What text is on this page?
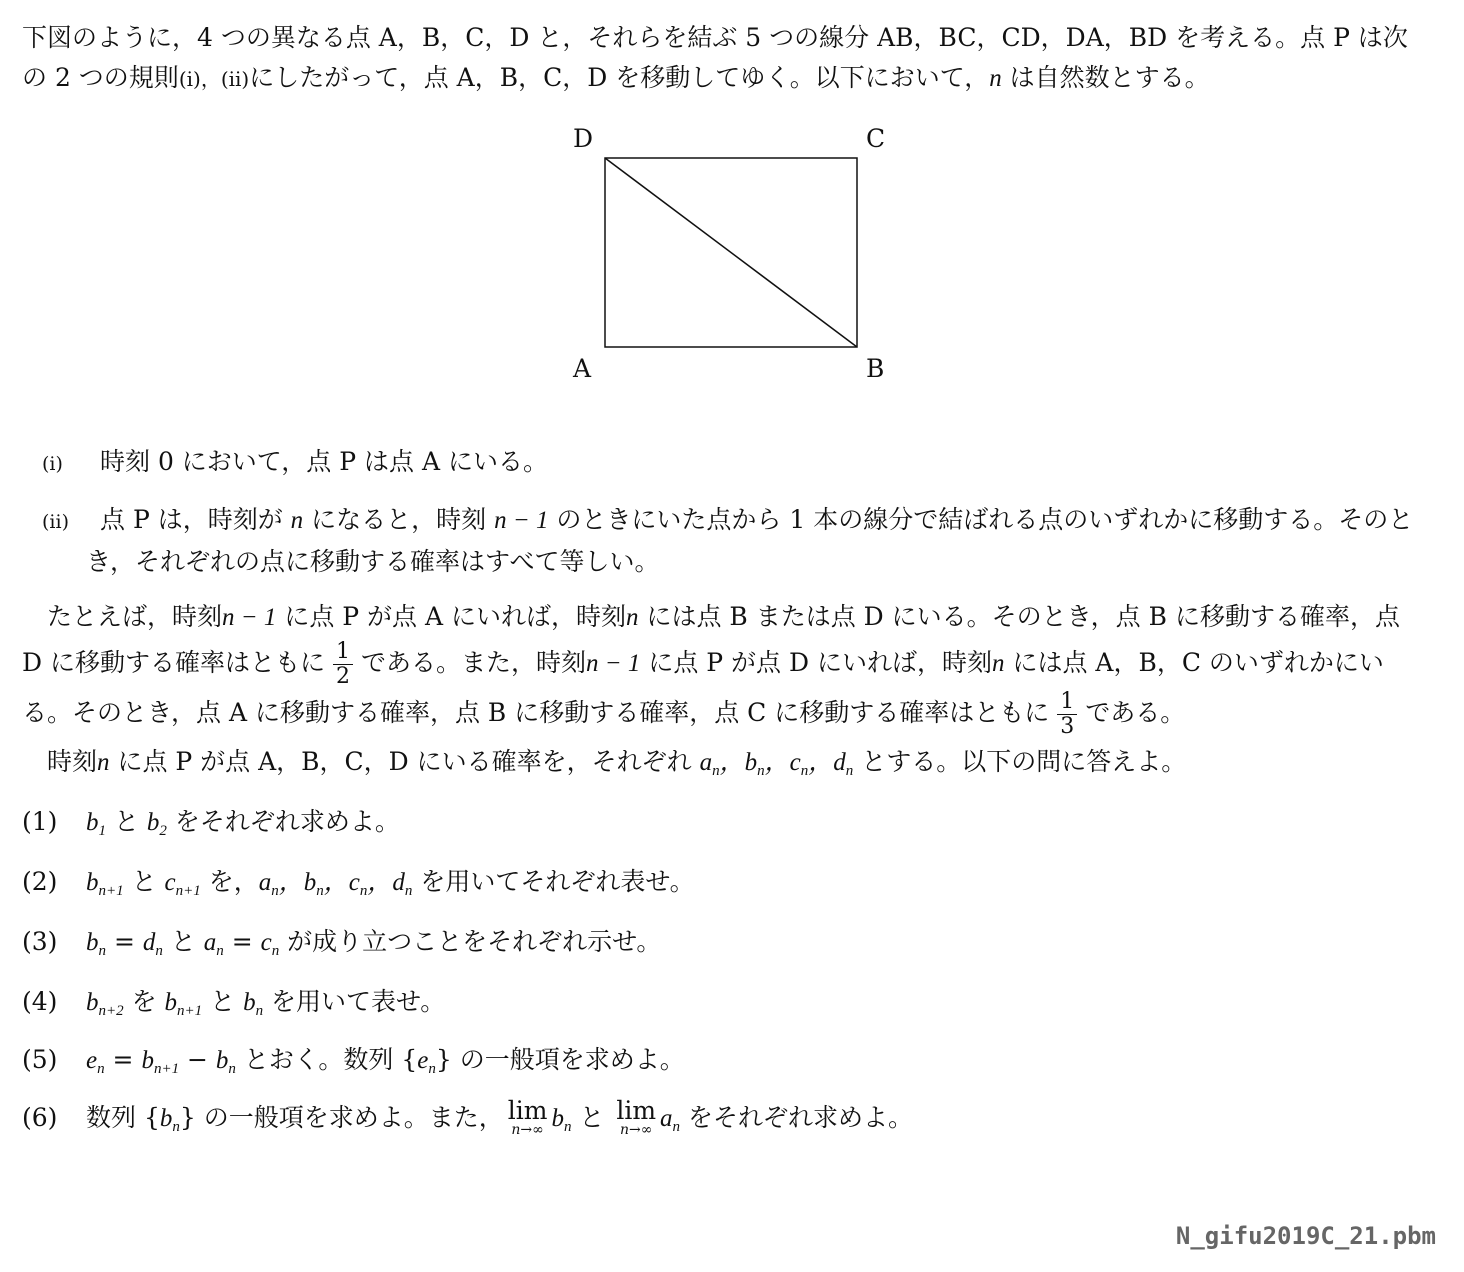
下図のように，4 つの異なる点 A，B，C，D と，それらを結ぶ 5 つの線分 AB，BC，CD，DA，BD を考える。点 P は次
の 2 つの規則(i)，(ii)にしたがって，点 A，B，C，D を移動してゆく。以下において，n は自然数とする。
D	C
A	B
(i) 時刻 0 において，点 P は点 A にいる。
(ii) 点 P は，時刻が n になると，時刻 n − 1 のときにいた点から 1 本の線分で結ばれる点のいずれかに移動する。そのと
き，それぞれの点に移動する確率はすべて等しい。
たとえば，時刻n − 1 に点 P が点 A にいれば，時刻n には点 B または点 D にいる。そのとき，点 B に移動する確率，点
D に移動する確率はともに $\frac{1}{2}$ である。また，時刻n − 1 に点 P が点 D にいれば，時刻n には点 A，B，C のいずれかにい
る。そのとき，点 A に移動する確率，点 B に移動する確率，点 C に移動する確率はともに $\frac{1}{3}$ である。
時刻n に点 P が点 A，B，C，D にいる確率を，それぞれ $a_n$，$b_n$，$c_n$，$d_n$ とする。以下の問に答えよ。
(1) $b_1$ と $b_2$ をそれぞれ求めよ。
(2) $b_{n+1}$ と $c_{n+1}$ を，$a_n$，$b_n$，$c_n$，$d_n$ を用いてそれぞれ表せ。
(3) $b_n = d_n$ と $a_n = c_n$ が成り立つことをそれぞれ示せ。
(4) $b_{n+2}$ を $b_{n+1}$ と $b_n$ を用いて表せ。
(5) $e_n = b_{n+1} - b_n$ とおく。数列 $\{e_n\}$ の一般項を求めよ。
(6) 数列 $\{b_n\}$ の一般項を求めよ。また， lim
n→∞ $b_n$ と lim
n→∞ $a_n$ をそれぞれ求めよ。
N_gifu2019C_21.pbm
